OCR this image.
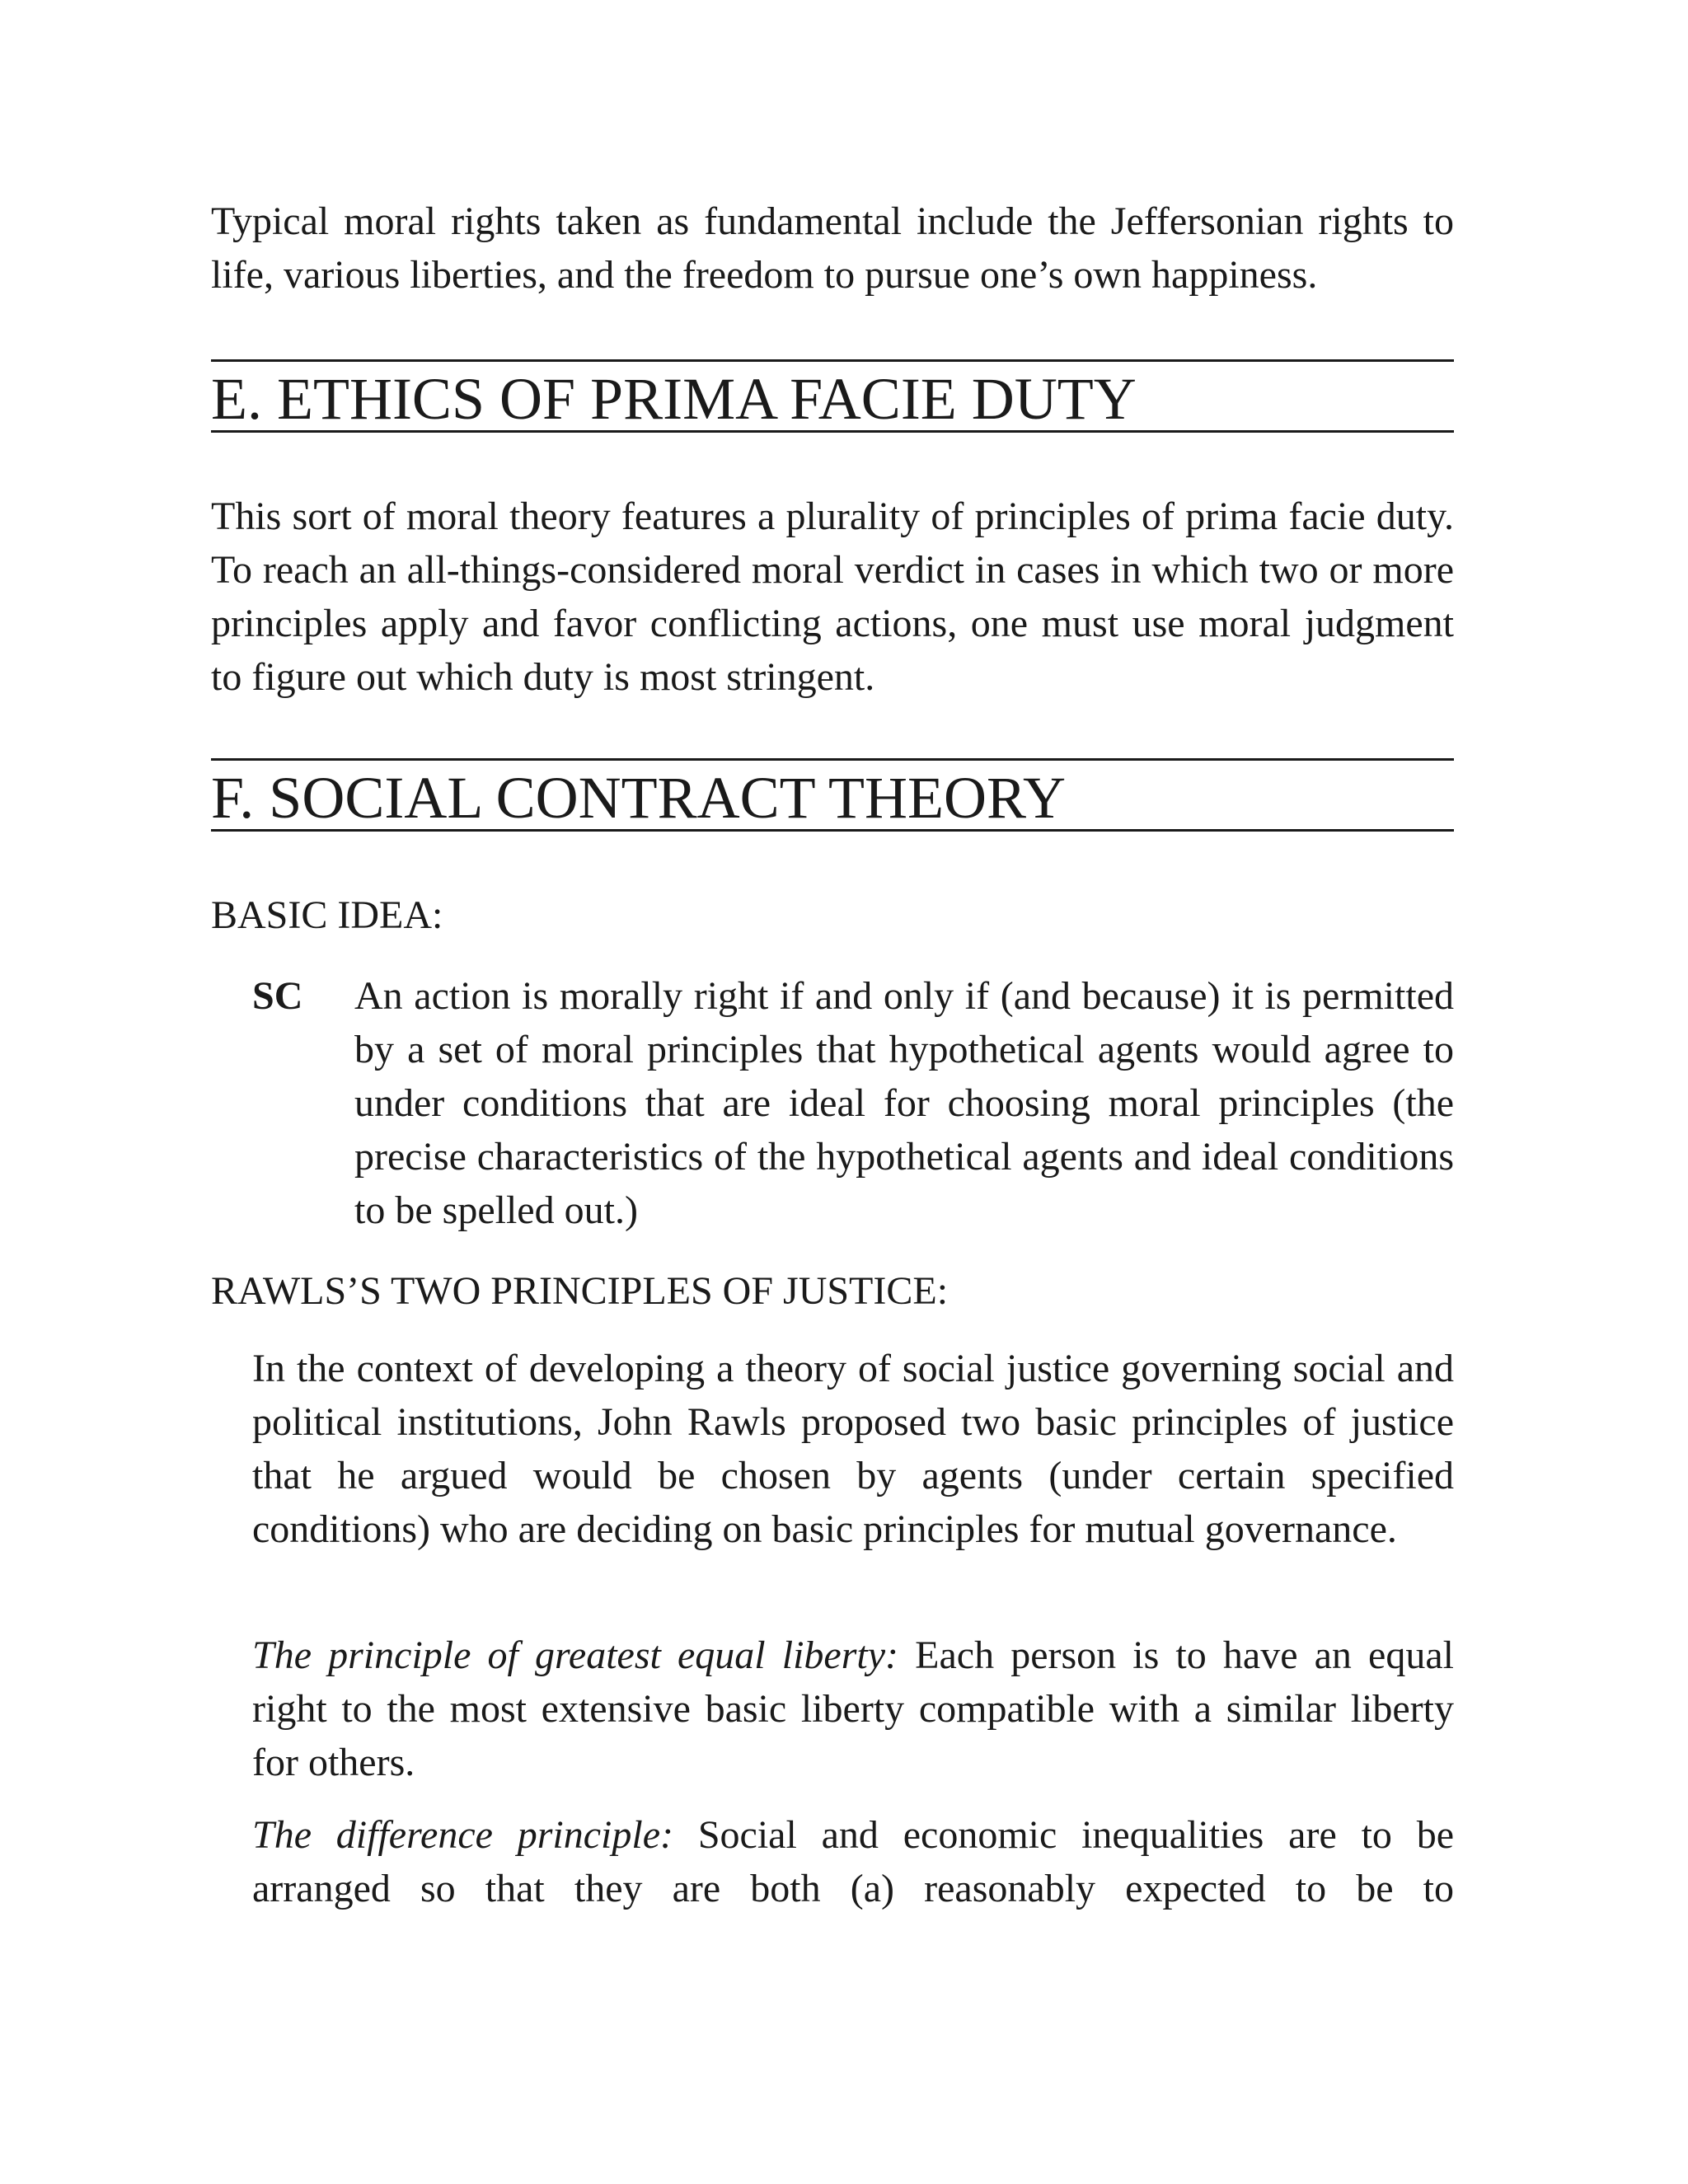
Typical moral rights taken as fundamental include the Jeffersonian rights to life, various liberties, and the freedom to pursue one’s own happiness.

E. ETHICS OF PRIMA FACIE DUTY

This sort of moral theory features a plurality of principles of prima facie duty. To reach an all-things-considered moral verdict in cases in which two or more principles apply and favor conflicting actions, one must use moral judgment to figure out which duty is most stringent.

F. SOCIAL CONTRACT THEORY

BASIC IDEA:

SC	An action is morally right if and only if (and because) it is permitted by a set of moral principles that hypothetical agents would agree to under conditions that are ideal for choosing moral principles (the precise characteristics of the hypothetical agents and ideal conditions to be spelled out.)

RAWLS’S TWO PRINCIPLES OF JUSTICE:

In the context of developing a theory of social justice governing social and political institutions, John Rawls proposed two basic principles of justice that he argued would be chosen by agents (under certain specified conditions) who are deciding on basic principles for mutual governance.

The principle of greatest equal liberty: Each person is to have an equal right to the most extensive basic liberty compatible with a similar liberty for others.

The difference principle: Social and economic inequalities are to be arranged so that they are both (a) reasonably expected to be to
